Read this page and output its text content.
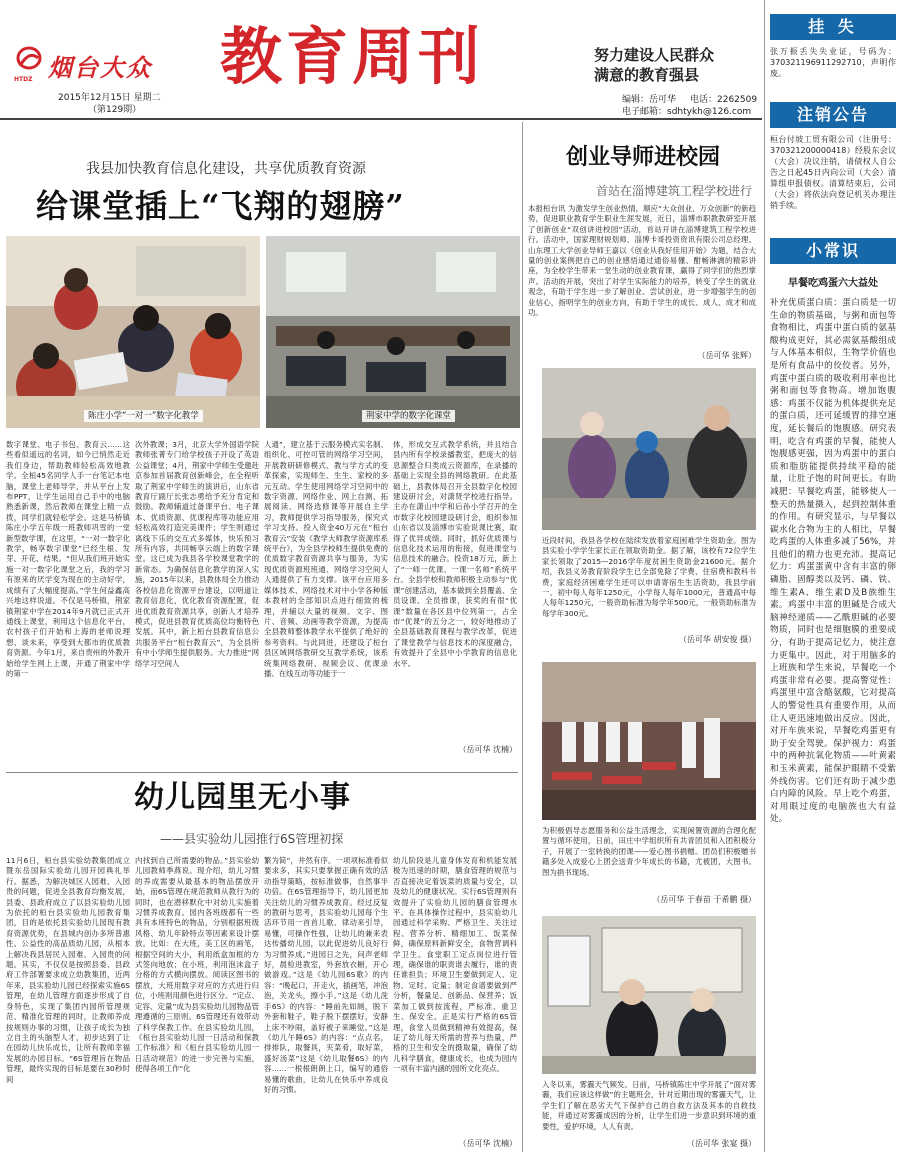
HTDZ 烟台大众 教育周刊	努力建设人民群众
满意的教育强县
2015年12月15日 星期二
（第129期）
编辑：岳可华 电话：2262509
电子邮箱：sdhtykh@126.com
我县加快教育信息化建设，共享优质教育资源
给课堂插上“飞翔的翅膀”
陈庄小学“一对一”数字化教学	荆家中学的数字化课堂
数字课堂、电子书包、教育云……这些看似遥远的名词，如今已悄然走近我们身边，帮助教师轻松高效地教学。全桓45名同学人手一台笔记本电脑，课堂上老师导学，并从平台上发布PPT，让学生运用自己手中的电脑熟悉新课，然后教师在课堂上精一点拨，同学们就轻松学会。这是马桥镇陈庄小学五年级一班教师巩雪的一堂新型数学课，在这里，“一对一数字化教学，畅享数字课堂”已经生根、发芽、开花、结果。“但从我们班开始实施一对一数字化课堂之后，我的学习有原来的厌学变为现在的主动好学，成绩有了大幅度提高。”学生何益鑫高兴地这样说道。不仅是马桥镇，荆家镇荆家中学在2014年9月就已正式开通线上课堂，利用这个信息化平台，农村孩子们开始和上海的老师说理想、谈未来，享受到大都市的优质教育资源。今年1月，来自贵州的外教开始给学生网上上课，开通了荆家中学的第一
次外教课；3月，北京大学外国语学院教师张菁专门给学校孩子开设了英语公益课堂；4月，荆家中学师生受邀赴京参加首届教育创新峰会，在全程听取了荆家中学师生的演讲后，山东省教育厅副厅长张志勇给予充分肯定和鼓励。教师辅道过备课平台、电子课本、优质资源、优课程库等功能应用轻松高效打造完美课件；学生则通过离线下乐的交互式多媒体，快乐预习所有内容，共同畅享云端上的数字课堂。这已成为我县各学校课堂教学的新常态。为确保信息化教学的深入实施，2015年以来，县教体局全力推动各校信息化资源平台建设，以明道让教育信息化，优化教育资源配置，促进优质教育资源共享，创新人才培养模式，促进县教育优质高位均衡特色发展。其中，新上桓台县教育信息公共服务平台“桓台教育云”，为全县所有中小学师生提供服务。大力推进“网络学习空间人
人通”，建立基于云服务模式实名制、组织化、可控可管的网络学习空间，开展教研研修模式、教与学方式的变革探索，实现师生、生生、家校的多元互动。学生使用网络学习空间中的数字资源、网络作业、网上自测、拓展阅读、网络选修课等开展自主学习，教师提供学习指导服务，探究式学习支持。投入资金40万元在“桓台教育云”安装《教学大师教学资源库系统平台》，为全县学校师生提供免费的优质数字教育资源共享与服务，为实现优质资源班班通、网络学习空间人人通提供了有力支撑。该平台应用多媒体技术、网络技术对中小学各种版本教材的全部知识点进行细致的梳理，并辅以大量的视频、文字、图片、音频、动画等教学资源，为提高全县教师整体教学水平提供了绝好的参考资料。与此同进，还建设了桓台县区域网络教研交互教学系统，该系统集网络教研、视频会议、优课录播、在线互动等功能于一
体，形成交互式教学系统，并且结合县内所有学校录播教室，把庞大的信息源整合归类成云资源库，在录播的基础上实现全县的网络教研。在此基础上，县教体局召开全县数字化校园建设研讨会，对潇贤学校进行指导。主办在潇山中学和后孙小学召开的全市数字化校园建设研讨会，组织参加山东省以及淄博市实验说课比赛，取得了优异成绩。同时，抓好优质课与信息化技术运用的衔接，促进课堂与信息技术的融合。投资18万元，新上了“一师一优课、一课一名师”系统平台。全县学校和教师积极主动参与“优课”创建活动，基本做到全县覆盖、全员设课、全员推课，获奖的有很“优课”数量在各区县中位列第一，占全市“优课”的五分之一，较好地推动了全县基础教育课程与教学改革，促进了课堂教学与信息技术的深度融合，有效提升了全县中小学教育的信息化水平。
（岳可华 沈楠）
幼儿园里无小事
——县实验幼儿园推行6S管理初探
11月6日，桓台县实验幼教集团成立暨东岳国际实验幼儿园开园典礼举行。据悉，为解决城区人园难、入园贵的问题，促进全县教育均衡发展，县委、县政府成立了以县实验幼儿园为依托的桓台县实验幼儿园教育集团，目的是依托县实验幼儿园现有教育资源优势，在县城内创办多所普惠性、公益性的高品质幼儿园，从根本上解决我县居民入园难、入园贵的问题。其实，不仅仅是按照县委、县政府工作部署要求成立幼教集团，近两年来，县实验幼儿园已经探索实施6S管理，在幼儿管理方面逐步形成了自身特色，实现了集团内园所管理规范、精准化管理的同时，让教师养成按规则办事的习惯，让孩子成长为独立自主的头脑型人才，初步达到了让在园幼儿快乐成长，让所有教师幸福发展的办园目标。“6S管理旨在物品管理，最终实现的目标是要在30秒时间
内找到自己所需要的物品。”县实验幼儿园教师季燕说。现介绍，幼儿习惯的养成需要从最基本的物品摆放开始，而6S管理在规范教师从教行为的同时，也在潜移默化中对幼儿实施着习惯养成教育。园内各班级都有一些具有本班特色的物品，分别根据班级风格、幼儿年龄特点等因素来设计摆放。比如：在大班，美工区的画笔，根据空间的大小，利用纸盒加框的方式签向地放；在小班，利用泡沫盒子分格的方式横向摆放。阅读区图书的摆放，大班用数字对应的方式进行归位，小班则用颜色进行区分。“定点、定容、定量”成为县实验幼儿园物品管理遵循的三原则。6S管理还有效带动了科学保教工作。在县实验幼儿园，《桓台县实验幼儿园一日活动和保教工作标准》和《桓台县实验幼儿园一日活动规范》的进一步完善与实施，使得各项工作“化
繁为简”，井然有序。一项项标准看似要求多，其实只要掌握正确有效的活动指导策略，按标准做事，自然事半功倍。在6S管理指导下，幼儿园更加关注幼儿的习惯养成教育。经过反复的教研与思考，县实验幼儿园每个生活环节用一首首儿歌、律动来引导，易懂，可操作性强，让幼儿的兼来表达传播幼儿园，以此促进幼儿良好行为习惯养成。”进园日之先，问声老师好，晨检进教室，外套放衣橱，开心做游戏。”这是《幼儿园6S歌》的内容：“晚起口，开走火，插画笔，冲泡泡，关龙头，擦小手。”这是《幼儿洗手6S》的内容：“睡前先如厕，脱下外套和鞋子，鞋子脱下摆摆好，安静上床不吵闹，盖好被子来睡觉。”这是《幼儿午睡6S》的内容：“点点名，排排队，取餐具，夹菜肴，取好菜，盛好汤菜”这是《幼儿取餐6S》的内容……一根根朗朗上口，编写的通俗易懂的歌曲，让幼儿在快乐中养成良好的习惯。
幼儿阶段是儿童身体发育和机能发展极为迅速的时期，膳食管理的规范与否直接决定着饭菜的质量与安全，以及幼儿的健康状况。实行6S管理则有效提升了实验幼儿园的膳食管理水平。在具体操作过程中，县实验幼儿园通过科学采购、严格卫生、关注过程、营养分析、精细加工、饭菜保鲜，确保原料新鲜安全，食物营调科学卫生。食堂职工定点岗位进行管理，确保谁的职责谁去履行，谁的责任谁担负；环境卫生要做到定人、定物、定时、定量；制定食谱要做到严分析，餐量足、创新品、保营养；饭菜加工做到按流程，严标准、重卫生、保安全。正是实行严格的6S管理，食堂人员做到精神有效提高，保证了幼儿每天所需的营养与热量，严格的卫生和安全的摄取量，确保了幼儿科学膳食，健康成长，也成为园内一项有丰富内涵的园所文化亮点。
（岳可华 沈楠）
创业导师进校园
首站在淄博建筑工程学校进行
本报桓台讯 为激发学生创业热情，顺应“大众创业、万众创新”的新趋势，促进职业教育学生职业生涯发展，近日，淄博市职教教研室开展了创新创业“双创讲进校园”活动，首站开讲在淄博建筑工程学校进行。活动中，国家理财规划师、淄博卡哥投资资讯有限公司总经理、山东理工大学创业导师王嘉以《创业从我好佳用开始》为题，结合大量的创业案例把自己的创业感悟通过通俗易懂、酣畅淋漓的精彩讲座，为全校学生带来一堂生动的创业教育课，赢得了同学们的热烈掌声。活动的开展，突出了对学生实际能力的培养，转变了学生的就业观念，有助于学生进一步了解创业、尝试创业，进一步增强学生的创业信心，指明学生的创业方向，有助于学生的成长、成人、成才和成功。
（岳可华 张辉）
近段时间，我县各学校在陆续发放着家庭困难学生资助金。图为县实验小学学生家长正在领取资助金。据了解，该校有72位学生家长领取了2015—2016学年度贫困生资助金21600元。据介绍，我县义务教育阶段学生已全部免除了学费、住宿费和教科书费，家庭经济困难学生还可以申请寄宿生生活资助，我县学前一、初中每人每年1250元，小学每人每年1000元，普通高中每人每年1250元，一般资助标准为每学年500元，一般资助标准为每学年300元。
（岳可华 胡安俊 摄）
为积极倡导志愿服务和公益生活理念，实现闲置资源的合理化配置与循环使用，日前，田庄中学组织所有共青团员和入团积极分子，开展了一室转换的团课——爱心图书捐赠。团员们积极赠书籍多处入成爱心上团会送青少年成长的书籍，尤被团，大图书。图为捐书现场。
（岳可华 于春苗 于希鹏 摄）
入冬以来，雾霾天气频发。日前，马桥镇陈庄中学开展了“面对雾霾，我们应该这样做”的主题班会，针对近期出现的雾霾天气，让学生们了解在恶劣天气下保护自己的自救方法及其本的自救技能，并通过对雾霾成因的分析，让学生们进一步意识到环境的重要性，爱护环境，人人有责。
（岳可华 张宴 摄）
挂 失
张万振丢失失业证，号码为：370321196911292710，声明作废。
注销公告
桓台付坡工贸有限公司（注册号：370321200000418）经股东会议（大会）决议注销，请债权人自公告之日起45日内向公司（大会）清算组申报债权。清算结束后，公司（大会）将依法向登记机关办理注销手续。
小常识
早餐吃鸡蛋六大益处
补充优质蛋白质：蛋白质是一切生命的物质基础，与粥和面包等食物相比，鸡蛋中蛋白质的氨基酸构成更好，其必需氨基酸组成与人体基本相似，生物学价值也是所有食品中的佼佼者。另外，鸡蛋中蛋白质的吸收利用率也比粥和面包等食物高。增加饱腹感：鸡蛋不仅能为机体提供充足的蛋白质，还可延缓胃的排空速度，延长餐后的饱腹感。研究表明，吃含有鸡蛋的早餐，能使人饱腹感更强，因为鸡蛋中的蛋白质和脂肪能提供持续平稳的能量，让肚子饱的时间更长。有助减肥：早餐吃鸡蛋，能够使人一整天的热量摄入，起到控制体重的作用。有研究显示，与早餐以碳水化合物为主的人相比，早餐吃鸡蛋的人体重多减了56%，并且他们的精力也更充沛。提高记忆力：鸡蛋蛋黄中含有丰富的卵磷脂、固醇类以及钙、磷、铁、维生素A、维生素D及B族维生素。鸡蛋中丰富的胆碱是合成大脑神经递质——乙酰胆碱的必要物质，同时也是细胞膜的重要成分，有助于提高记忆力，使注意力更集中。因此，对于用脑多的上班族和学生来说，早餐吃一个鸡蛋非常有必要。提高警觉性：鸡蛋里中富含酪氨酸，它对提高人的警觉性具有重要作用，从而让人更迅速地做出反应。因此，对开车族来说，早餐吃鸡蛋更有助于安全驾驶。保护视力：鸡蛋中的两种抗氧化物质——叶黄素和玉米黄素，能保护眼睛不受紫外线伤害。它们还有助于减少患白内障的风险。早上吃个鸡蛋，对用眼过度的电脑族也大有益处。
